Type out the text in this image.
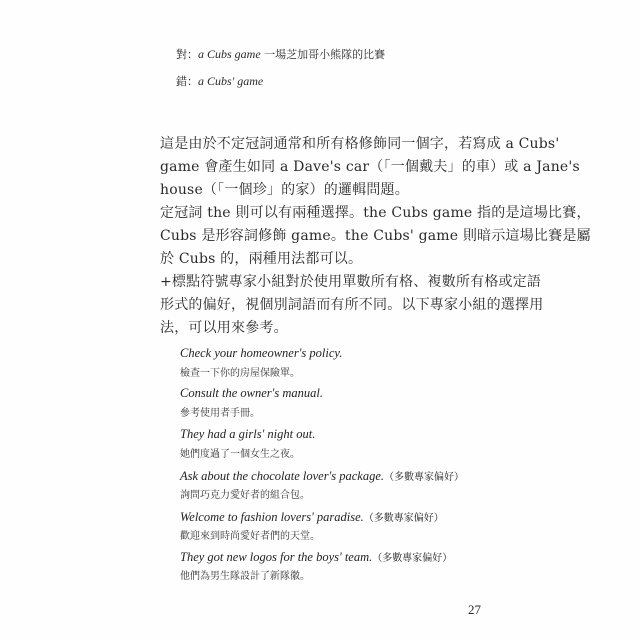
對：a Cubs game 一場芝加哥小熊隊的比賽
錯：a Cubs' game
這是由於不定冠詞通常和所有格修飾同一個字，若寫成 a Cubs'
game 會產生如同 a Dave's car（「一個戴夫」的車）或 a Jane's
house（「一個珍」的家）的邏輯問題。
定冠詞 the 則可以有兩種選擇。the Cubs game 指的是這場比賽，
Cubs 是形容詞修飾 game。the Cubs' game 則暗示這場比賽是屬
於 Cubs 的，兩種用法都可以。
+標點符號專家小組對於使用單數所有格、複數所有格或定語
形式的偏好，視個別詞語而有所不同。以下專家小組的選擇用
法，可以用來參考。
Check your homeowner's policy.
檢查一下你的房屋保險單。
Consult the owner's manual.
參考使用者手冊。
They had a girls' night out.
她們度過了一個女生之夜。
Ask about the chocolate lover's package.（多數專家偏好）
詢問巧克力愛好者的組合包。
Welcome to fashion lovers' paradise.（多數專家偏好）
歡迎來到時尚愛好者們的天堂。
They got new logos for the boys' team.（多數專家偏好）
他們為男生隊設計了新隊徽。
27
